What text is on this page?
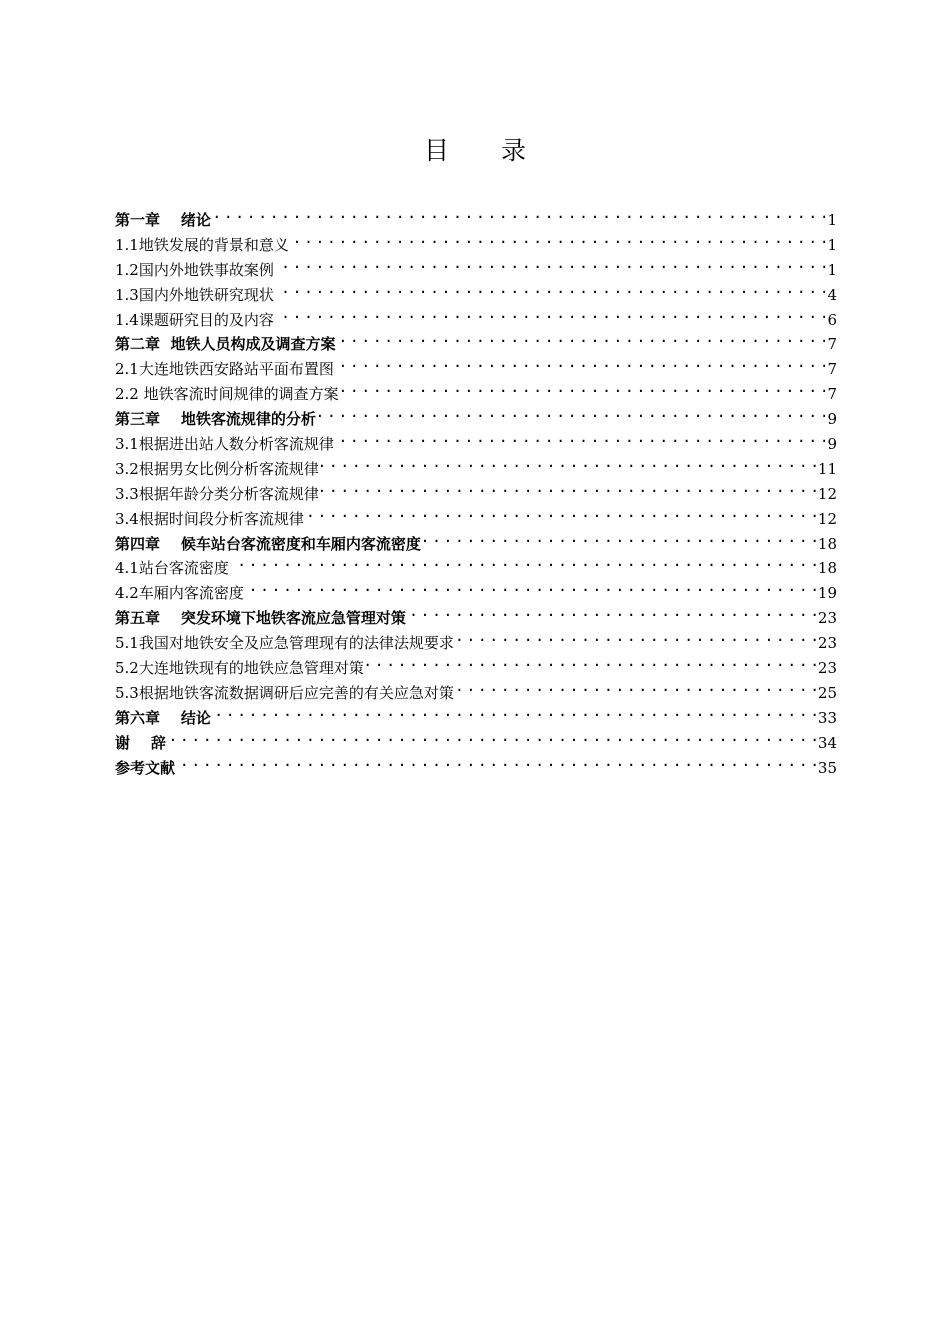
目 录
第一章    绪论 . . .	1
1.1地铁发展的背景和意义 . . .	1
1.2国内外地铁事故案例 . . .	1
1.3国内外地铁研究现状 . . .	4
1.4课题研究目的及内容 . . .	6
第二章  地铁人员构成及调查方案 . . .	7
2.1大连地铁西安路站平面布置图 . . .	7
2.2 地铁客流时间规律的调查方案 . . .	7
第三章    地铁客流规律的分析 . . .	9
3.1根据进出站人数分析客流规律 . . .	9
3.2根据男女比例分析客流规律 . . .	11
3.3根据年龄分类分析客流规律 . . .	12
3.4根据时间段分析客流规律 . . .	12
第四章    候车站台客流密度和车厢内客流密度 . . .	18
4.1站台客流密度 . . .	18
4.2车厢内客流密度 . . .	19
第五章    突发环境下地铁客流应急管理对策 . . .	23
5.1我国对地铁安全及应急管理现有的法律法规要求 . . .	23
5.2大连地铁现有的地铁应急管理对策 . . .	23
5.3根据地铁客流数据调研后应完善的有关应急对策 . . .	25
第六章    结论 . . .	33
谢    辞 . . .	34
参考文献 . . .	35
